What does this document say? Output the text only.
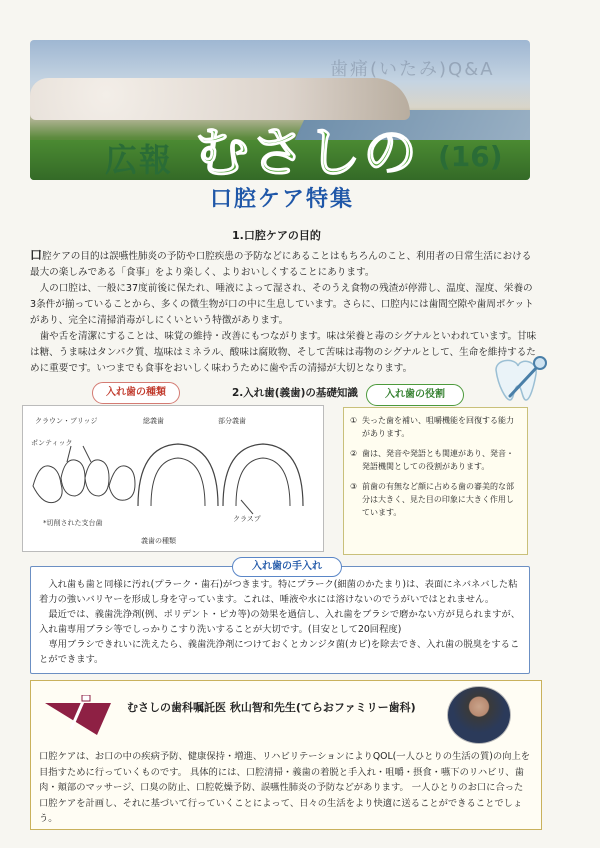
歯痛(いたみ)Q&A
広報 むさしの (16)
口腔ケア特集
1.口腔ケアの目的

口腔ケアの目的は誤嚥性肺炎の予防や口腔疾患の予防などにあることはもちろんのこと、利用者の日常生活における最大の楽しみである「食事」をより楽しく、よりおいしくすることにあります。

　人の口腔は、一般に37度前後に保たれ、唾液によって湿され、そのうえ食物の残渣が停滞し、温度、湿度、栄養の3条件が揃っていることから、多くの微生物が口の中に生息しています。さらに、口腔内には歯間空隙や歯周ポケットがあり、完全に清掃消毒がしにくいという特徴があります。

　歯や舌を清潔にすることは、味覚の維持・改善にもつながります。味は栄養と毒のシグナルといわれています。甘味は糖、うま味はタンパク質、塩味はミネラル、酸味は腐敗物、そして苦味は毒物のシグナルとして、生命を維持するために重要です。いつまでも食事をおいしく味わうために歯や舌の清掃が大切となります。

入れ歯の種類	2.入れ歯(義歯)の基礎知識	入れ歯の役割
クラウン・ブリッジ
ポンティック
総義歯	部分義歯
クラスプ
*切削された支台歯
義歯の種類
① 失った歯を補い、咀嚼機能を回復する能力があります。
② 歯は、発音や発語とも関連があり、発音・発語機関としての役割があります。
③ 前歯の有無など顔に占める歯の審美的な部分は大きく、見た目の印象に大きく作用しています。

　入れ歯も歯と同様に汚れ(プラーク・歯石)がつきます。特にプラーク(細菌のかたまり)は、表面にネバネバした粘着力の強いバリヤーを形成し身を守っています。これは、唾液や水には溶けないのでうがいではとれません。

　最近では、義歯洗浄剤(例、ポリデント・ピカ等)の効果を過信し、入れ歯をブラシで磨かない方が見られますが、入れ歯専用ブラシ等でしっかりこすり洗いすることが大切です。(目安として20回程度)

　専用ブラシできれいに洗えたら、義歯洗浄剤につけておくとカンジタ菌(カビ)を除去でき、入れ歯の脱臭をすることができます。

入れ歯の手入れ
むさしの歯科嘱託医 秋山智和先生(てらおファミリー歯科)
口腔ケアは、お口の中の疾病予防、健康保持・増進、リハビリテーションによりQOL(一人ひとりの生活の質)の向上を目指すために行っていくものです。 具体的には、口腔清掃・義歯の着脱と手入れ・咀嚼・摂食・嚥下のリハビリ、歯肉・頬部のマッサージ、口臭の防止、口腔乾燥予防、誤嚥性肺炎の予防などがあります。 一人ひとりのお口に合った口腔ケアを計画し、それに基づいて行っていくことによって、日々の生活をより快適に送ることができることでしょう。
